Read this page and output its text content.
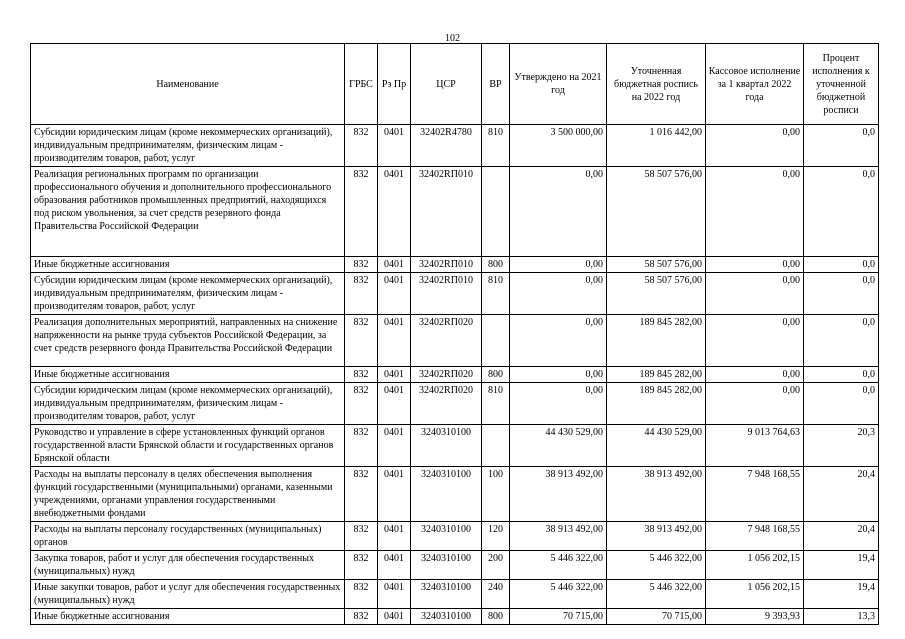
102
Наименование	ГРБС	Рз Пр	ЦСР	ВР	Утверждено на 2021 год	Уточненная бюджетная роспись на 2022 год	Кассовое исполнение за 1 квартал 2022 года	Процент исполнения к уточненной бюджетной росписи
Субсидии юридическим лицам (кроме некоммерческих организаций), индивидуальным предпринимателям, физическим лицам - производителям товаров, работ, услуг	832	0401	32402R4780	810	3 500 000,00	1 016 442,00	0,00	0,0
Реализация региональных программ по организации профессионального обучения и дополнительного профессионального образования работников промышленных предприятий, находящихся под риском увольнения, за счет средств резервного фонда Правительства Российской Федерации	832	0401	32402RП010		0,00	58 507 576,00	0,00	0,0
Иные бюджетные ассигнования	832	0401	32402RП010	800	0,00	58 507 576,00	0,00	0,0
Субсидии юридическим лицам (кроме некоммерческих организаций), индивидуальным предпринимателям, физическим лицам - производителям товаров, работ, услуг	832	0401	32402RП010	810	0,00	58 507 576,00	0,00	0,0
Реализация дополнительных мероприятий, направленных на снижение напряженности на рынке труда субъектов Российской Федерации, за счет средств резервного фонда Правительства Российской Федерации	832	0401	32402RП020		0,00	189 845 282,00	0,00	0,0
Иные бюджетные ассигнования	832	0401	32402RП020	800	0,00	189 845 282,00	0,00	0,0
Субсидии юридическим лицам (кроме некоммерческих организаций), индивидуальным предпринимателям, физическим лицам - производителям товаров, работ, услуг	832	0401	32402RП020	810	0,00	189 845 282,00	0,00	0,0
Руководство и управление в сфере установленных функций органов государственной власти Брянской области и государственных органов Брянской области	832	0401	3240310100		44 430 529,00	44 430 529,00	9 013 764,63	20,3
Расходы на выплаты персоналу в целях обеспечения выполнения функций государственными (муниципальными) органами, казенными учреждениями, органами управления государственными внебюджетными фондами	832	0401	3240310100	100	38 913 492,00	38 913 492,00	7 948 168,55	20,4
Расходы на выплаты персоналу государственных (муниципальных) органов	832	0401	3240310100	120	38 913 492,00	38 913 492,00	7 948 168,55	20,4
Закупка товаров, работ и услуг для обеспечения государственных (муниципальных) нужд	832	0401	3240310100	200	5 446 322,00	5 446 322,00	1 056 202,15	19,4
Иные закупки товаров, работ и услуг для обеспечения государственных (муниципальных) нужд	832	0401	3240310100	240	5 446 322,00	5 446 322,00	1 056 202,15	19,4
Иные бюджетные ассигнования	832	0401	3240310100	800	70 715,00	70 715,00	9 393,93	13,3
